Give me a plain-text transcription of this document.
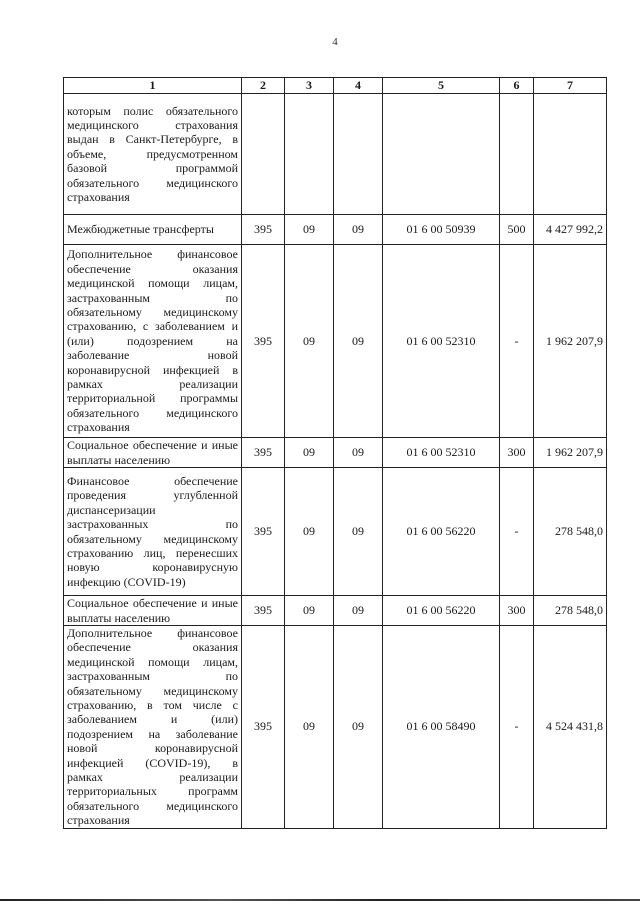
4
1	2	3	4	5	6	7
которым полис обязательного медицинского страхования выдан в Санкт-Петербурге, в объеме, предусмотренном базовой программой обязательного медицинского страхования						
Межбюджетные трансферты	395	09	09	01 6 00 50939	500	4 427 992,2
Дополнительное финансовое обеспечение оказания медицинской помощи лицам, застрахованным по обязательному медицинскому страхованию, с заболеванием и (или) подозрением на заболевание новой коронавирусной инфекцией в рамках реализации территориальной программы обязательного медицинского страхования	395	09	09	01 6 00 52310	-	1 962 207,9
Социальное обеспечение и иные выплаты населению	395	09	09	01 6 00 52310	300	1 962 207,9
Финансовое обеспечение проведения углубленной диспансеризации застрахованных по обязательному медицинскому страхованию лиц, перенесших новую коронавирусную инфекцию (COVID-19)	395	09	09	01 6 00 56220	-	278 548,0
Социальное обеспечение и иные выплаты населению	395	09	09	01 6 00 56220	300	278 548,0
Дополнительное финансовое обеспечение оказания медицинской помощи лицам, застрахованным по обязательному медицинскому страхованию, в том числе с заболеванием и (или) подозрением на заболевание новой коронавирусной инфекцией (COVID-19), в рамках реализации территориальных программ обязательного медицинского страхования	395	09	09	01 6 00 58490	-	4 524 431,8
